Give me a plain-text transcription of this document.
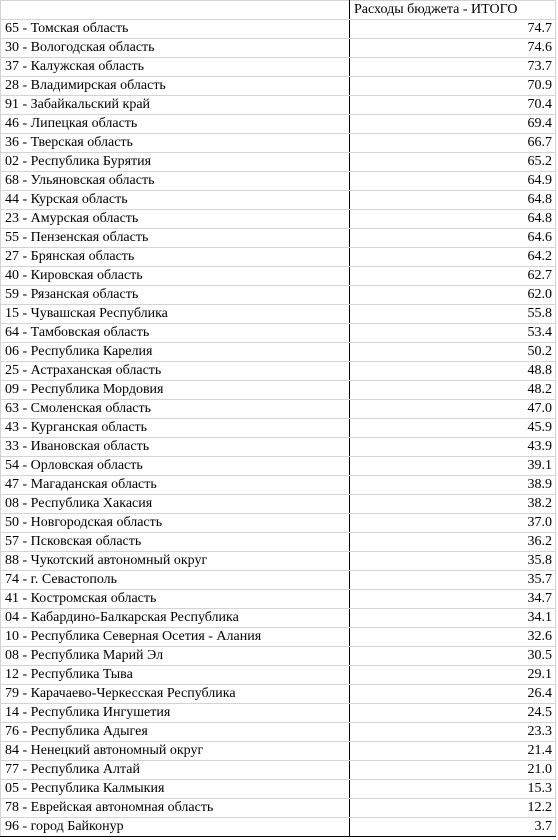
	Расходы бюджета - ИТОГО
65 - Томская область	74.7
30 - Вологодская область	74.6
37 - Калужская область	73.7
28 - Владимирская область	70.9
91 - Забайкальский край	70.4
46 - Липецкая область	69.4
36 - Тверская область	66.7
02 - Республика Бурятия	65.2
68 - Ульяновская область	64.9
44 - Курская область	64.8
23 - Амурская область	64.8
55 - Пензенская область	64.6
27 - Брянская область	64.2
40 - Кировская область	62.7
59 - Рязанская область	62.0
15 - Чувашская Республика	55.8
64 - Тамбовская область	53.4
06 - Республика Карелия	50.2
25 - Астраханская область	48.8
09 - Республика Мордовия	48.2
63 - Смоленская область	47.0
43 - Курганская область	45.9
33 - Ивановская область	43.9
54 - Орловская область	39.1
47 - Магаданская область	38.9
08 - Республика Хакасия	38.2
50 - Новгородская область	37.0
57 - Псковская область	36.2
88 - Чукотский автономный округ	35.8
74 - г. Севастополь	35.7
41 - Костромская область	34.7
04 - Кабардино-Балкарская Республика	34.1
10 - Республика Северная Осетия - Алания	32.6
08 - Республика Марий Эл	30.5
12 - Республика Тыва	29.1
79 - Карачаево-Черкесская Республика	26.4
14 - Республика Ингушетия	24.5
76 - Республика Адыгея	23.3
84 - Ненецкий автономный округ	21.4
77 - Республика Алтай	21.0
05 - Республика Калмыкия	15.3
78 - Еврейская автономная область	12.2
96 - город Байконур	3.7
